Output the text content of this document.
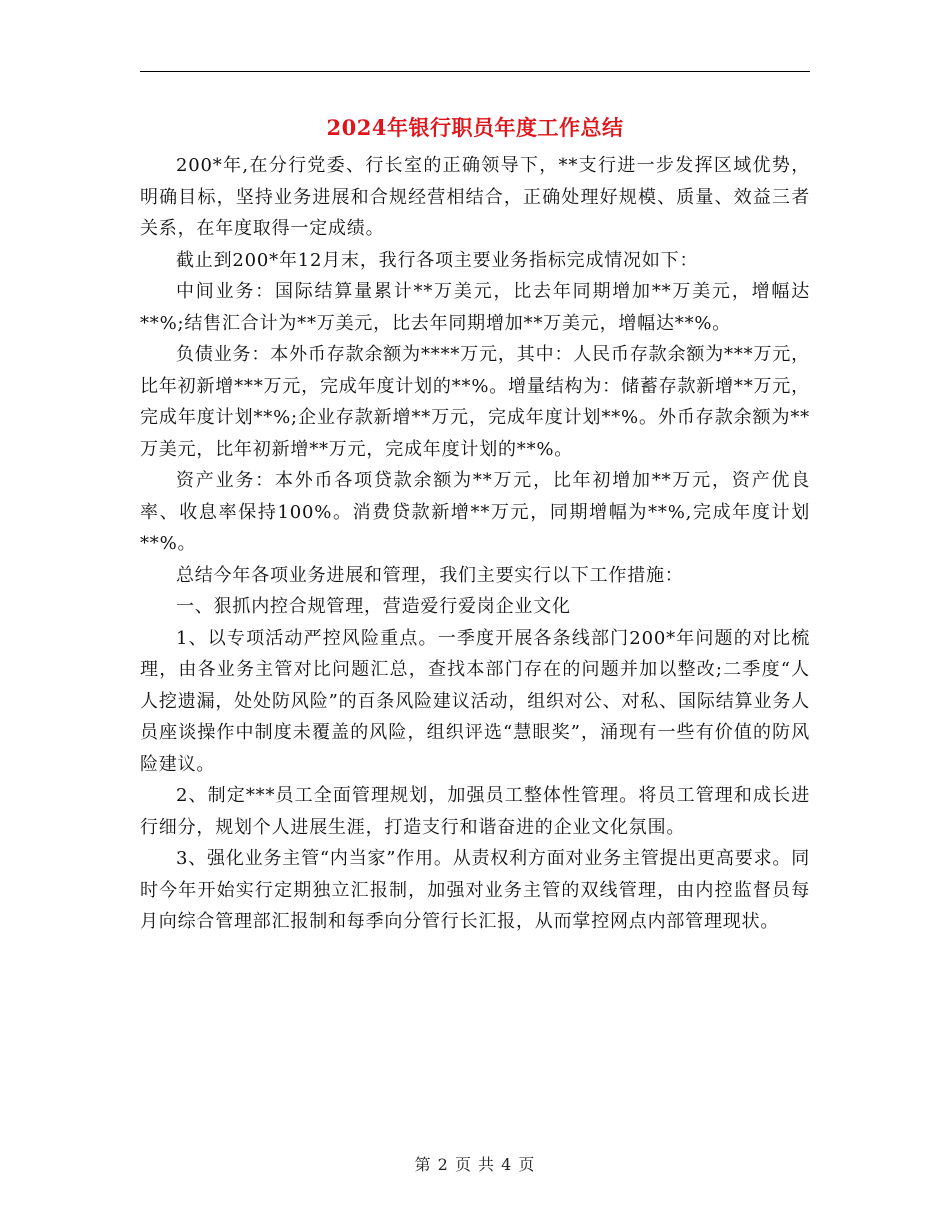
2024年银行职员年度工作总结

200*年,在分行党委、行长室的正确领导下，**支行进一步发挥区域优势，明确目标，坚持业务进展和合规经营相结合，正确处理好规模、质量、效益三者关系，在年度取得一定成绩。

截止到200*年12月末，我行各项主要业务指标完成情况如下：

中间业务：国际结算量累计**万美元，比去年同期增加**万美元，增幅达**%;结售汇合计为**万美元，比去年同期增加**万美元，增幅达**%。

负债业务：本外币存款余额为****万元，其中：人民币存款余额为***万元，比年初新增***万元，完成年度计划的**%。增量结构为：储蓄存款新增**万元，完成年度计划**%;企业存款新增**万元，完成年度计划**%。外币存款余额为**万美元，比年初新增**万元，完成年度计划的**%。

资产业务：本外币各项贷款余额为**万元，比年初增加**万元，资产优良率、收息率保持100%。消费贷款新增**万元，同期增幅为**%,完成年度计划**%。

总结今年各项业务进展和管理，我们主要实行以下工作措施：

一、狠抓内控合规管理，营造爱行爱岗企业文化

1、以专项活动严控风险重点。一季度开展各条线部门200*年问题的对比梳理，由各业务主管对比问题汇总，查找本部门存在的问题并加以整改;二季度“人人挖遗漏，处处防风险”的百条风险建议活动，组织对公、对私、国际结算业务人员座谈操作中制度未覆盖的风险，组织评选“慧眼奖”，涌现有一些有价值的防风险建议。

2、制定***员工全面管理规划，加强员工整体性管理。将员工管理和成长进行细分，规划个人进展生涯，打造支行和谐奋进的企业文化氛围。

3、强化业务主管“内当家”作用。从责权利方面对业务主管提出更高要求。同时今年开始实行定期独立汇报制，加强对业务主管的双线管理，由内控监督员每月向综合管理部汇报制和每季向分管行长汇报，从而掌控网点内部管理现状。

第 2 页 共 4 页
